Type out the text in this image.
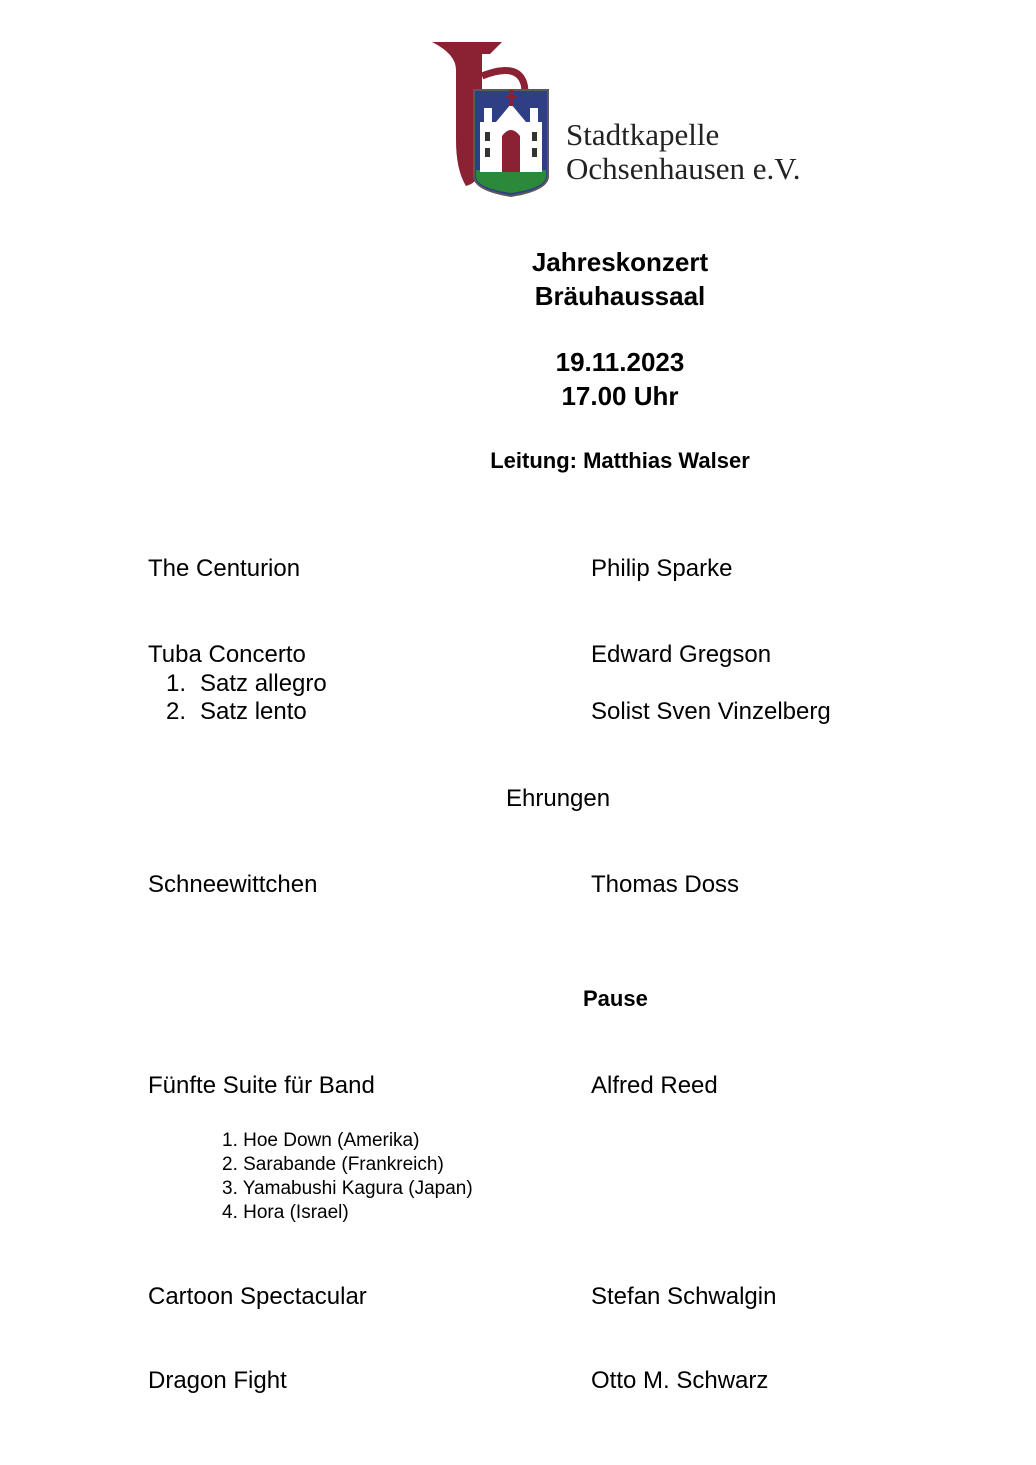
Stadtkapelle
Ochsenhausen e.V.
Jahreskonzert
Bräuhaussaal
19.11.2023
17.00 Uhr
Leitung: Matthias Walser
The Centurion	Philip Sparke
Tuba Concerto	Edward Gregson
1. Satz allegro
2. Satz lento	Solist Sven Vinzelberg
Ehrungen
Schneewittchen	Thomas Doss
Pause
Fünfte Suite für Band	Alfred Reed
1. Hoe Down (Amerika)
2. Sarabande (Frankreich)
3. Yamabushi Kagura (Japan)
4. Hora (Israel)
Cartoon Spectacular	Stefan Schwalgin
Dragon Fight	Otto M. Schwarz
